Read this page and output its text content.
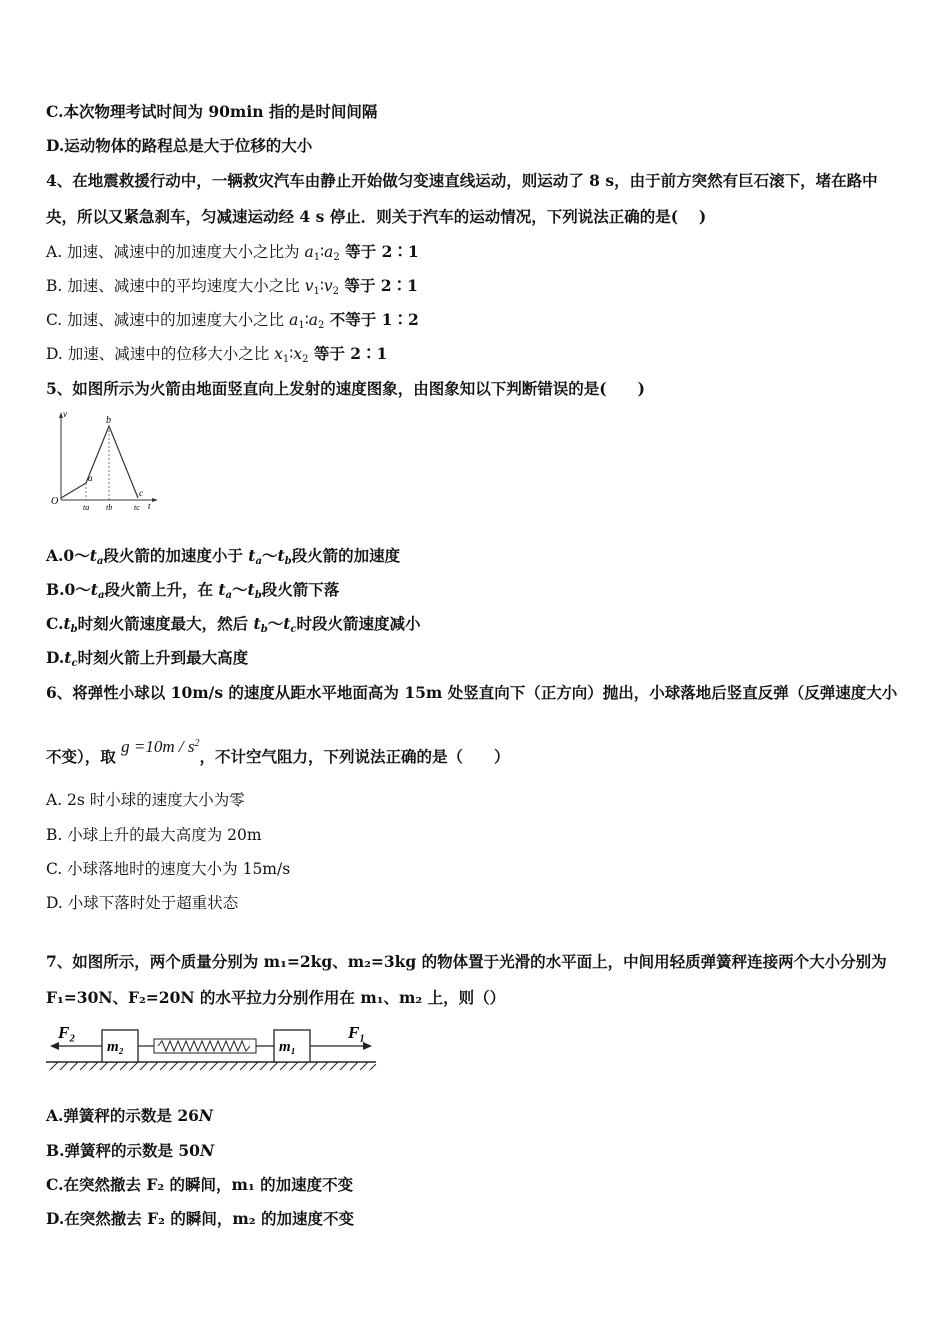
C.本次物理考试时间为 90min 指的是时间间隔
D.运动物体的路程总是大于位移的大小
4、在地震救援行动中，一辆救灾汽车由静止开始做匀变速直线运动，则运动了 8 s，由于前方突然有巨石滚下，堵在路中
央，所以又紧急刹车，匀减速运动经 4 s 停止．则关于汽车的运动情况，下列说法正确的是(　 )
A. 加速、减速中的加速度大小之比为 $a_1∶a_2$ 等于 2∶1
B. 加速、减速中的平均速度大小之比 $v_1∶v_2$ 等于 2∶1
C. 加速、减速中的加速度大小之比 $a_1∶a_2$ 不等于 1∶2
D. 加速、减速中的位移大小之比 $x_1∶x_2$ 等于 2∶1
5、如图所示为火箭由地面竖直向上发射的速度图象，由图象知以下判断错误的是(　　)
v
b
a
c
O	t
ta tb	tc
$A.0\sim t_a$段火箭的加速度小于 $t_a\sim t_b$段火箭的加速度
$B.0\sim t_a$段火箭上升，在 $t_a\sim t_b$段火箭下落
$C.t_b$时刻火箭速度最大，然后 $t_b\sim t_c$时段火箭速度减小
$D.t_c$时刻火箭上升到最大高度
6、将弹性小球以 10m/s 的速度从距水平地面高为 15m 处竖直向下（正方向）抛出，小球落地后竖直反弹（反弹速度大小
不变），取 $g =10m / s^2$，不计空气阻力，下列说法正确的是（　　）
A. 2s 时小球的速度大小为零
B. 小球上升的最大高度为 20m
C. 小球落地时的速度大小为 15m/s
D. 小球下落时处于超重状态
7、如图所示，两个质量分别为 m₁=2kg、m₂=3kg 的物体置于光滑的水平面上，中间用轻质弹簧秤连接两个大小分别为
F₁=30N、F₂=20N 的水平拉力分别作用在 m₁、m₂ 上，则（）
F₂
m₂	m₁
F₁
A.弹簧秤的示数是 26N
B.弹簧秤的示数是 50N
C.在突然撤去 F₂ 的瞬间，m₁ 的加速度不变
D.在突然撤去 F₂ 的瞬间，m₂ 的加速度不变
